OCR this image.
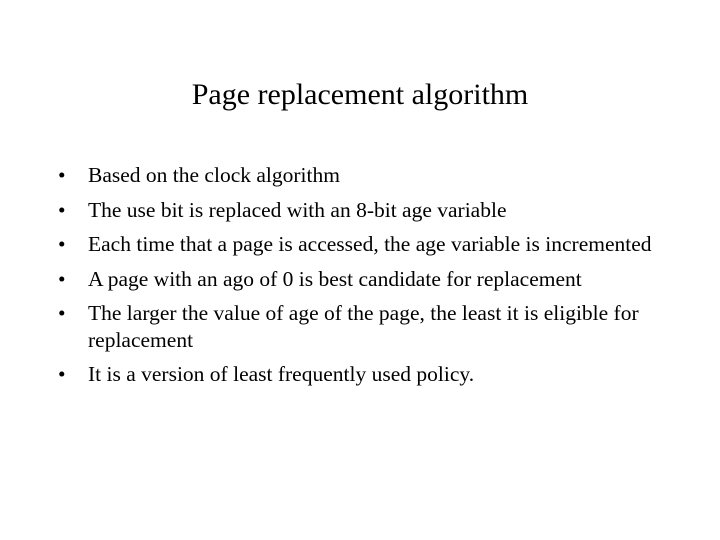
Page replacement algorithm
•	Based on the clock algorithm
•	The use bit is replaced with an 8-bit age variable
•	Each time that a page is accessed, the age variable is incremented
•	A page with an ago of 0 is best candidate for replacement
•	The larger the value of age of the page, the least it is eligible for replacement
•	It is a version of least frequently used policy.
